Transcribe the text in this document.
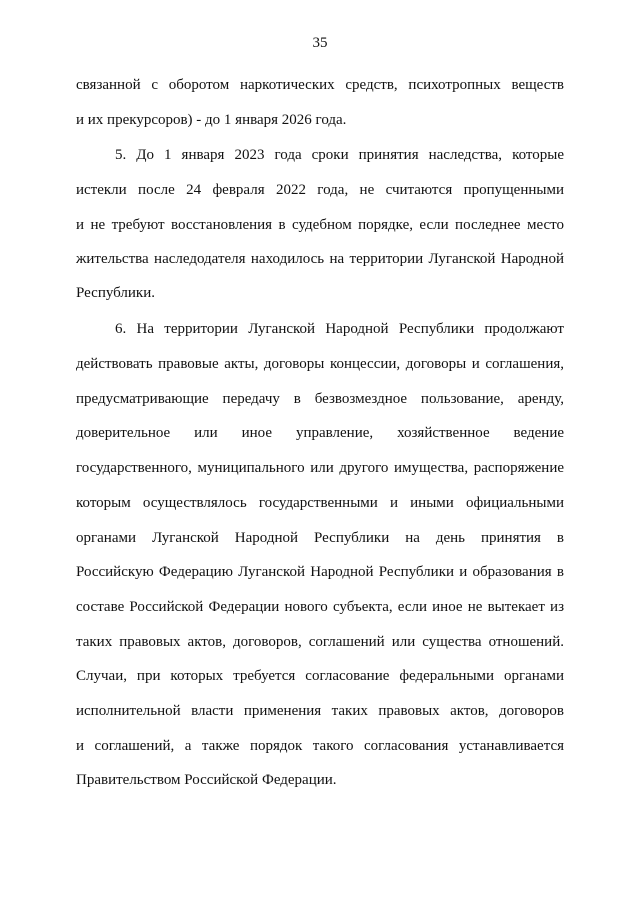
35
связанной с оборотом наркотических средств, психотропных веществ
и их прекурсоров) - до 1 января 2026 года.
5. До 1 января 2023 года сроки принятия наследства, которые
истекли после 24 февраля 2022 года, не считаются пропущенными
и не требуют восстановления в судебном порядке, если последнее место
жительства наследодателя находилось на территории Луганской Народной
Республики.
6. На территории Луганской Народной Республики продолжают
действовать правовые акты, договоры концессии, договоры и соглашения,
предусматривающие передачу в безвозмездное пользование, аренду,
доверительное или иное управление, хозяйственное ведение
государственного, муниципального или другого имущества, распоряжение
которым осуществлялось государственными и иными официальными
органами Луганской Народной Республики на день принятия в
Российскую Федерацию Луганской Народной Республики и образования в
составе Российской Федерации нового субъекта, если иное не вытекает из
таких правовых актов, договоров, соглашений или существа отношений.
Случаи, при которых требуется согласование федеральными органами
исполнительной власти применения таких правовых актов, договоров
и соглашений, а также порядок такого согласования устанавливается
Правительством Российской Федерации.
